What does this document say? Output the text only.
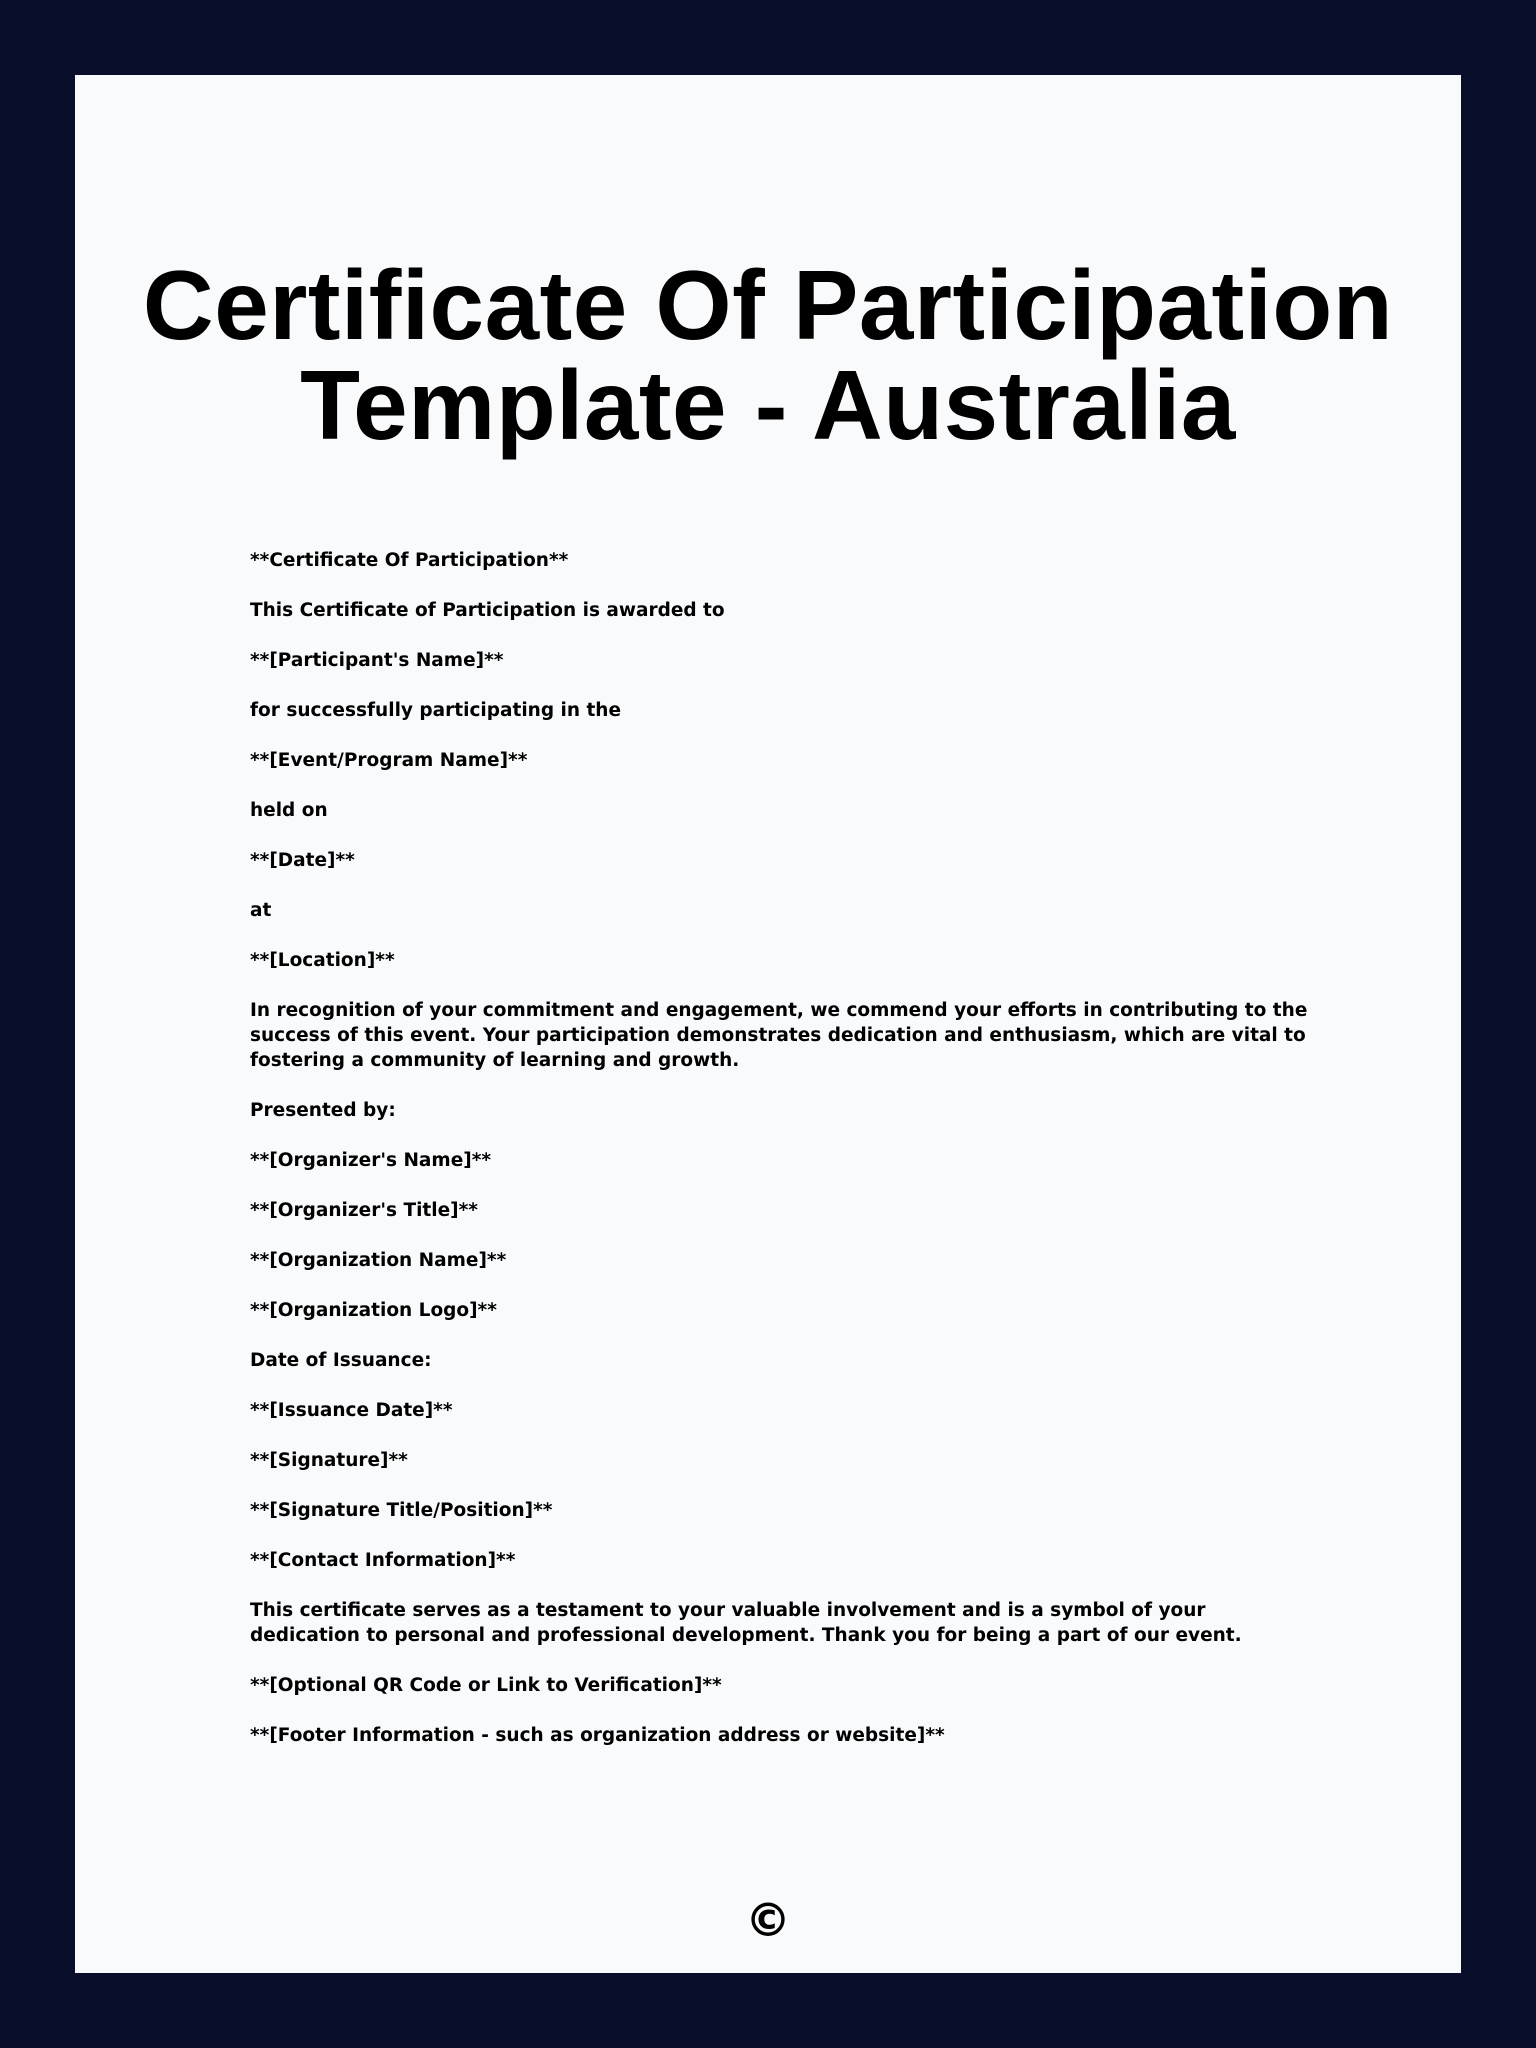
Certificate Of Participation
Template - Australia

**Certificate Of Participation**

This Certificate of Participation is awarded to

**[Participant's Name]**

for successfully participating in the

**[Event/Program Name]**

held on

**[Date]**

at

**[Location]**

In recognition of your commitment and engagement, we commend your efforts in contributing to the success of this event. Your participation demonstrates dedication and enthusiasm, which are vital to fostering a community of learning and growth.

Presented by:

**[Organizer's Name]**

**[Organizer's Title]**

**[Organization Name]**

**[Organization Logo]**

Date of Issuance:

**[Issuance Date]**

**[Signature]**

**[Signature Title/Position]**

**[Contact Information]**

This certificate serves as a testament to your valuable involvement and is a symbol of your dedication to personal and professional development. Thank you for being a part of our event.

**[Optional QR Code or Link to Verification]**

**[Footer Information - such as organization address or website]**

©
